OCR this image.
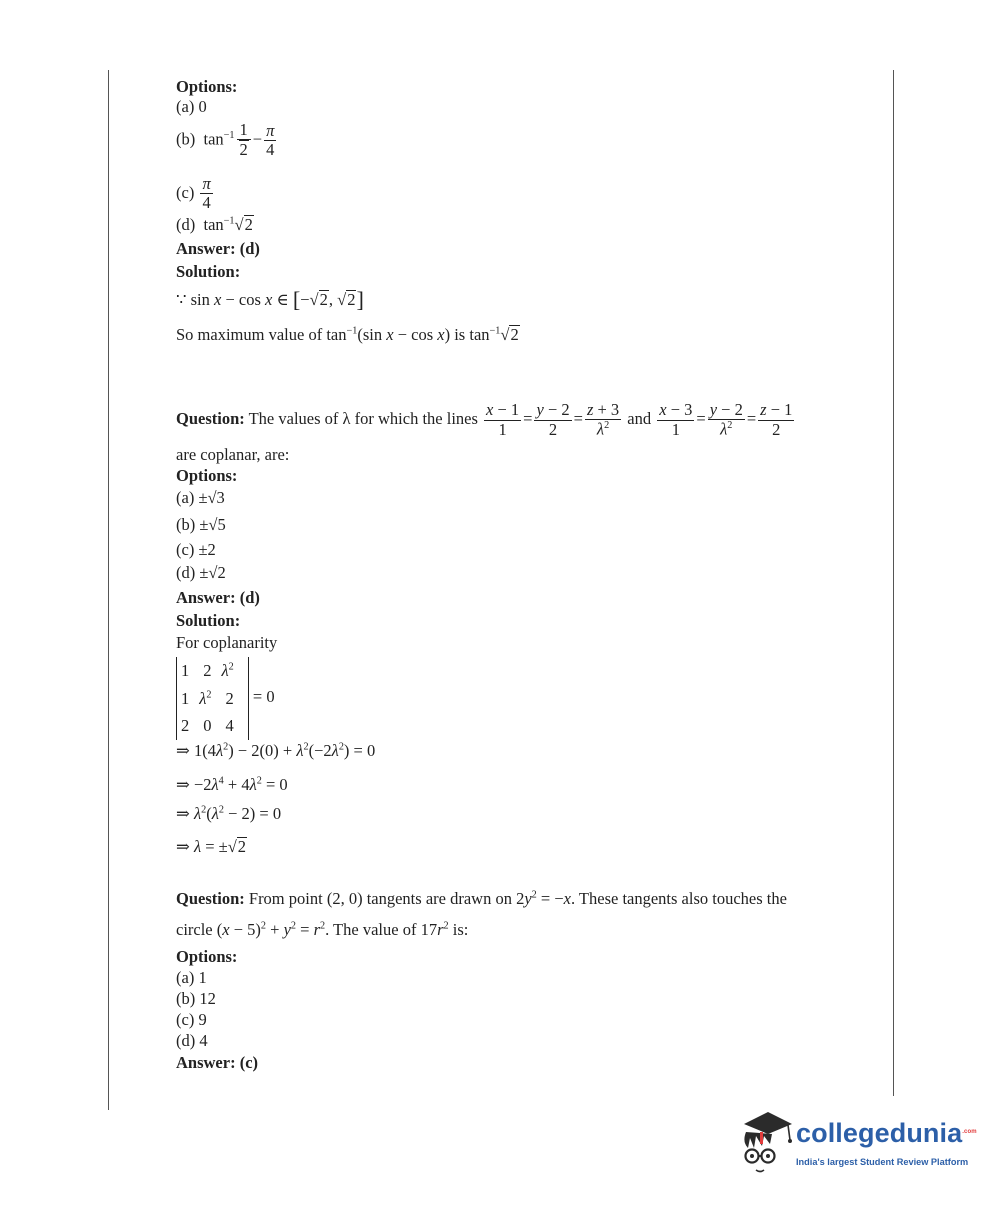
Options:
(a) 0
(b)  $\tan^{-1} \frac{1}{2} - \frac{\pi}{4}$
$(c) \frac{\pi}{4}$
(d)  $\tan^{-1}√2$
Answer: (d)
Solution:
∵ sin x − cos x ∈ [−√2, √2]
So maximum value of $\tan^{-1}(\sin$ x − cos x) is $\tan^{-1}√2$
Question: The values of λ for which the lines $\frac{x - 1}{1} = \frac{y - 2}{2} = \frac{z + 3}{\lambda^2}$ and $\frac{x - 3}{1} = \frac{y - 2}{\lambda^2} = \frac{z - 1}{2}$
are coplanar, are:
Options:
(a) ±√3
(b) ±√5
(c) ±2
(d) ±√2
Answer: (d)
Solution:
For coplanarity
1	2	$\lambda^2$
1	$\lambda^2$	2
2	0	4
= 0
⇒ $1(4\lambda^2) - 2(0) + \lambda^2(-2\lambda^2) = 0$
⇒ $-2\lambda^4 + 4\lambda^2 = 0$
⇒ $\lambda^2(\lambda^2 - 2) = 0$
⇒ λ = ±√2
Question: From point (2, 0) tangents are drawn on $2y^2 = -x$. These tangents also touches the
circle $(x - 5)^2 + y^2 = r^2$. The value of $17r^2$ is:
Options:
(a) 1
(b) 12
(c) 9
(d) 4
Answer: (c)
collegedunia$^{.com}$
India's largest Student Review Platform
